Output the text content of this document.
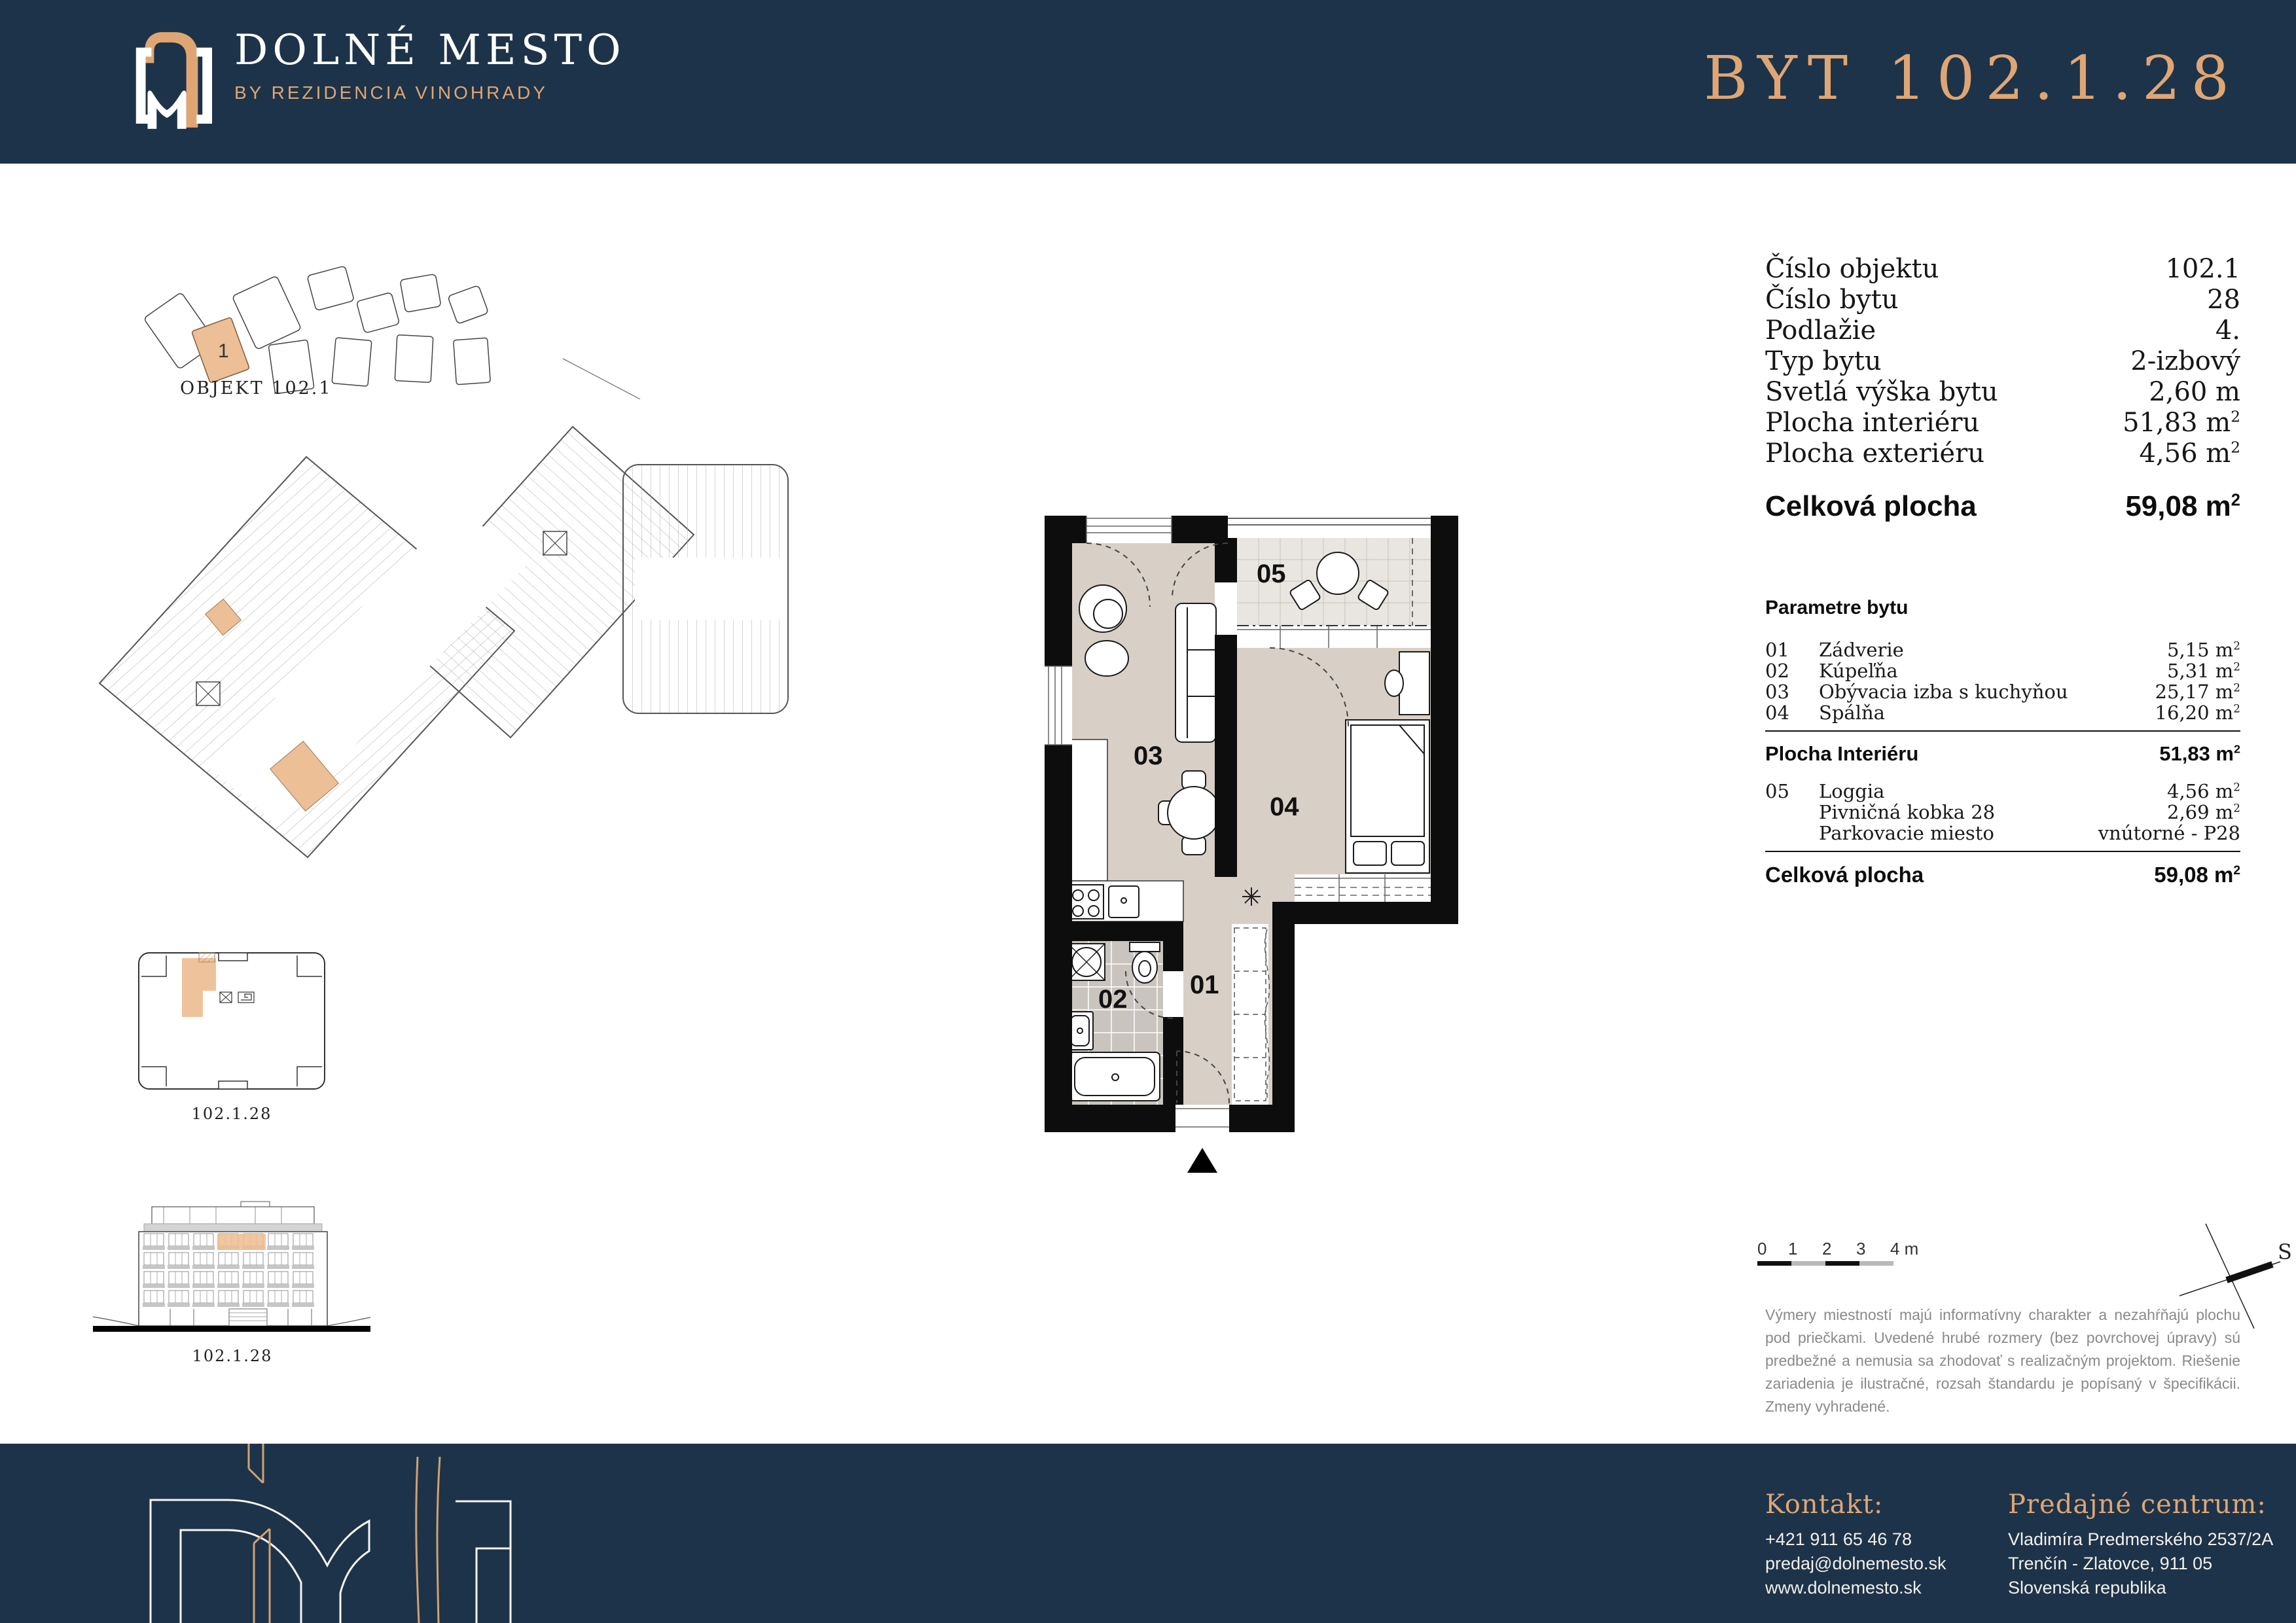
DOLNÉ MESTO
BY REZIDENCIA VINOHRADY	BYT 102.1.28
1
OBJEKT 102.1
102.1.28
102.1.28
01
02
03
04
05
Číslo objektu	102.1
Číslo bytu	28
Podlažie	4.
Typ bytu	2-izbový
Svetlá výška bytu	2,60 m
Plocha interiéru	51,83 $m^2$
Plocha exteriéru	4,56 $m^2$
Celková plocha	59,08 $m^2$
Parametre bytu
01	Zádverie	5,15 $m^2$
02	Kúpeľňa	5,31 $m^2$
03	Obývacia izba s kuchyňou	25,17 $m^2$
04	Spálňa	16,20 $m^2$
Plocha Interiéru	51,83 $m^2$
05	Loggia	4,56 $m^2$
Pivničná kobka 28	2,69 $m^2$
Parkovacie miesto	vnútorné - P28
Celková plocha	59,08 $m^2$
0 1 2 3 4 m	S
Výmery miestností majú informatívny charakter a nezahŕňajú plochu pod priečkami. Uvedené hrubé rozmery (bez povrchovej úpravy) sú predbežné a nemusia sa zhodovať s realizačným projektom. Riešenie zariadenia je ilustračné, rozsah štandardu je popísaný v špecifikácii. Zmeny vyhradené.
Kontakt:
+421 911 65 46 78
predaj@dolnemesto.sk
www.dolnemesto.sk
Predajné centrum:
Vladimíra Predmerského 2537/2A
Trenčín - Zlatovce, 911 05
Slovenská republika
